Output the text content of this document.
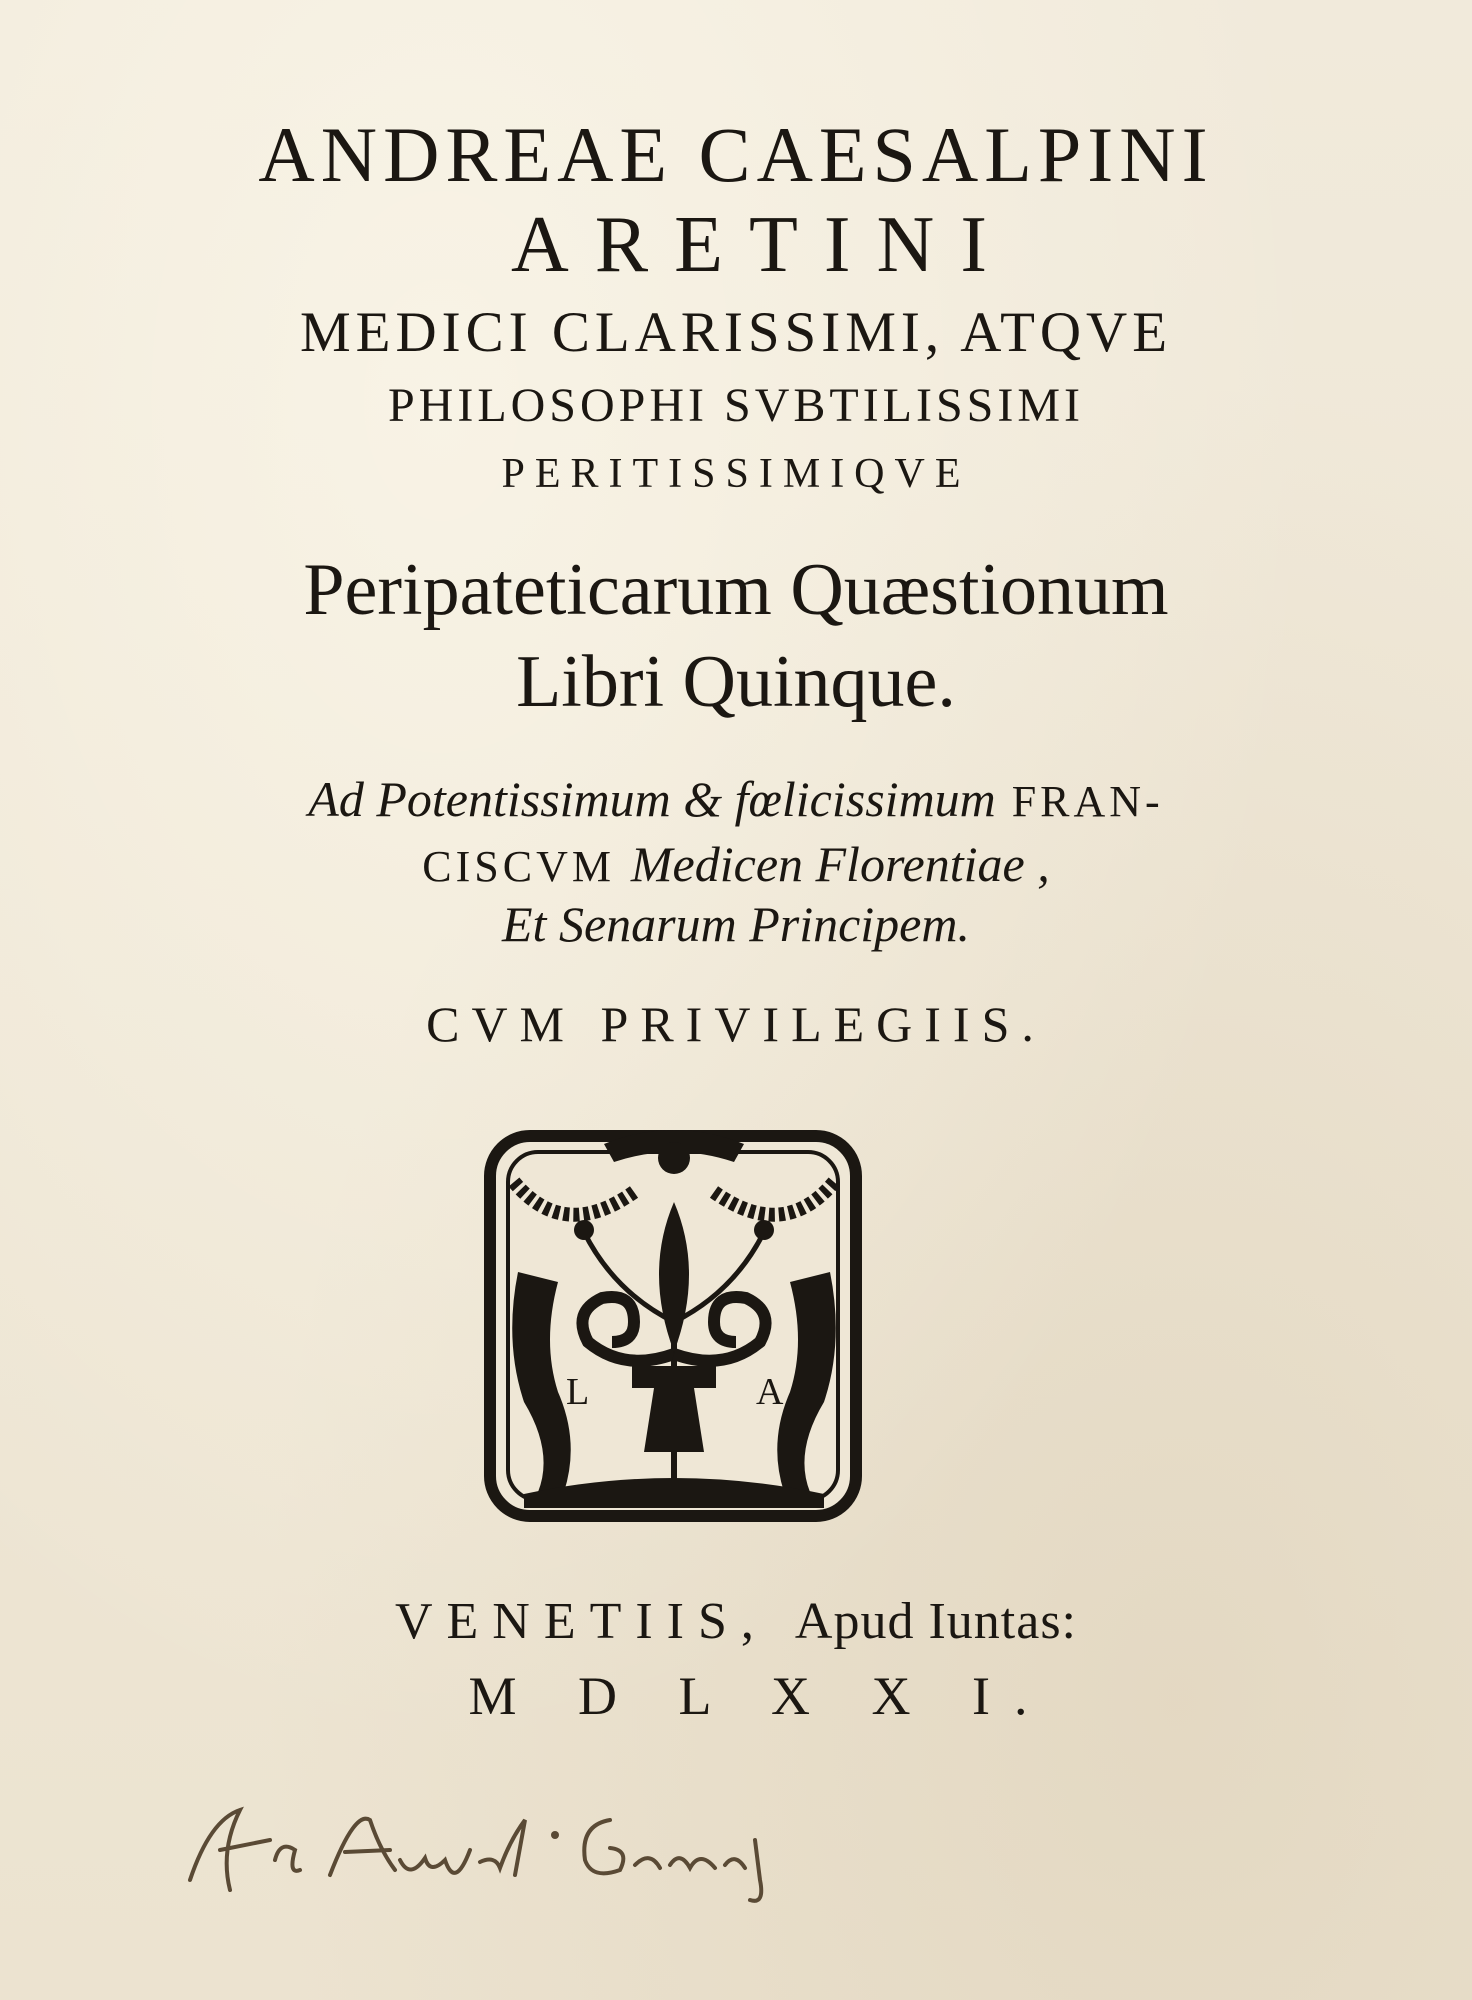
ANDREAE CAESALPINI

ARETINI

MEDICI CLARISSIMI, ATQVE

PHILOSOPHI SVBTILISSIMI

PERITISSIMIQVE

Peripateticarum Quæstionum

Libri Quinque.

Ad Potentissimum & fœlicissimum FRAN-

CISCVM Medicen Florentiae ,

Et Senarum Principem.

CVM PRIVILEGIIS.

L	A

VENETIIS, Apud Iuntas:

M D L X X I.
